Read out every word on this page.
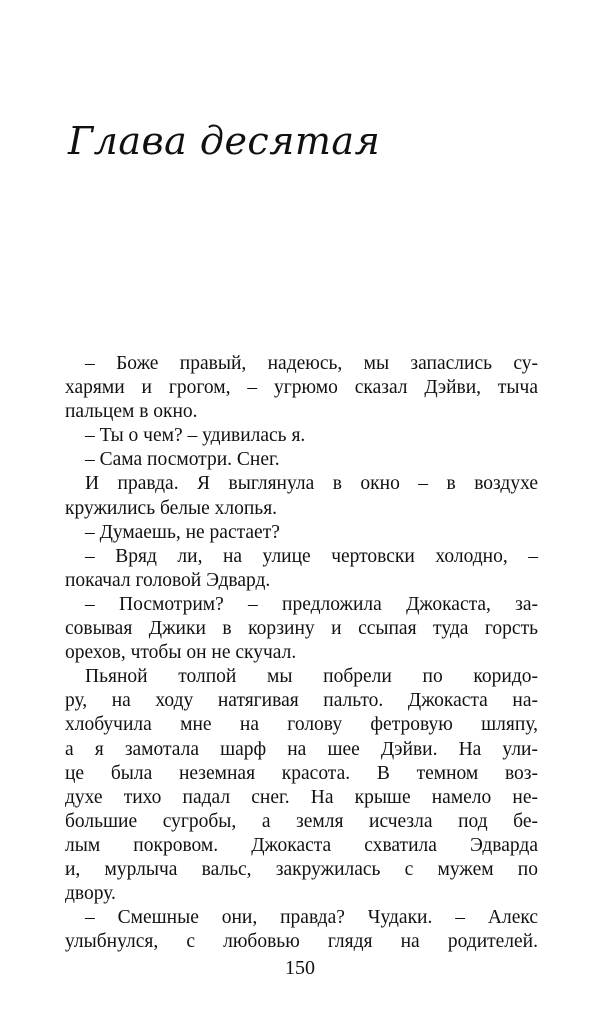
Глава десятая
– Боже правый, надеюсь, мы запаслись су-
харями и грогом, – угрюмо сказал Дэйви, тыча
пальцем в окно.
– Ты о чем? – удивилась я.
– Сама посмотри. Снег.
И правда. Я выглянула в окно – в воздухе
кружились белые хлопья.
– Думаешь, не растает?
– Вряд ли, на улице чертовски холодно, –
покачал головой Эдвард.
– Посмотрим? – предложила Джокаста, за-
совывая Джики в корзину и ссыпая туда горсть
орехов, чтобы он не скучал.
Пьяной толпой мы побрели по коридо-
ру, на ходу натягивая пальто. Джокаста на-
хлобучила мне на голову фетровую шляпу,
а я замотала шарф на шее Дэйви. На ули-
це была неземная красота. В темном воз-
духе тихо падал снег. На крыше намело не-
большие сугробы, а земля исчезла под бе-
лым покровом. Джокаста схватила Эдварда
и, мурлыча вальс, закружилась с мужем по
двору.
– Смешные они, правда? Чудаки. – Алекс
улыбнулся, с любовью глядя на родителей.
150
